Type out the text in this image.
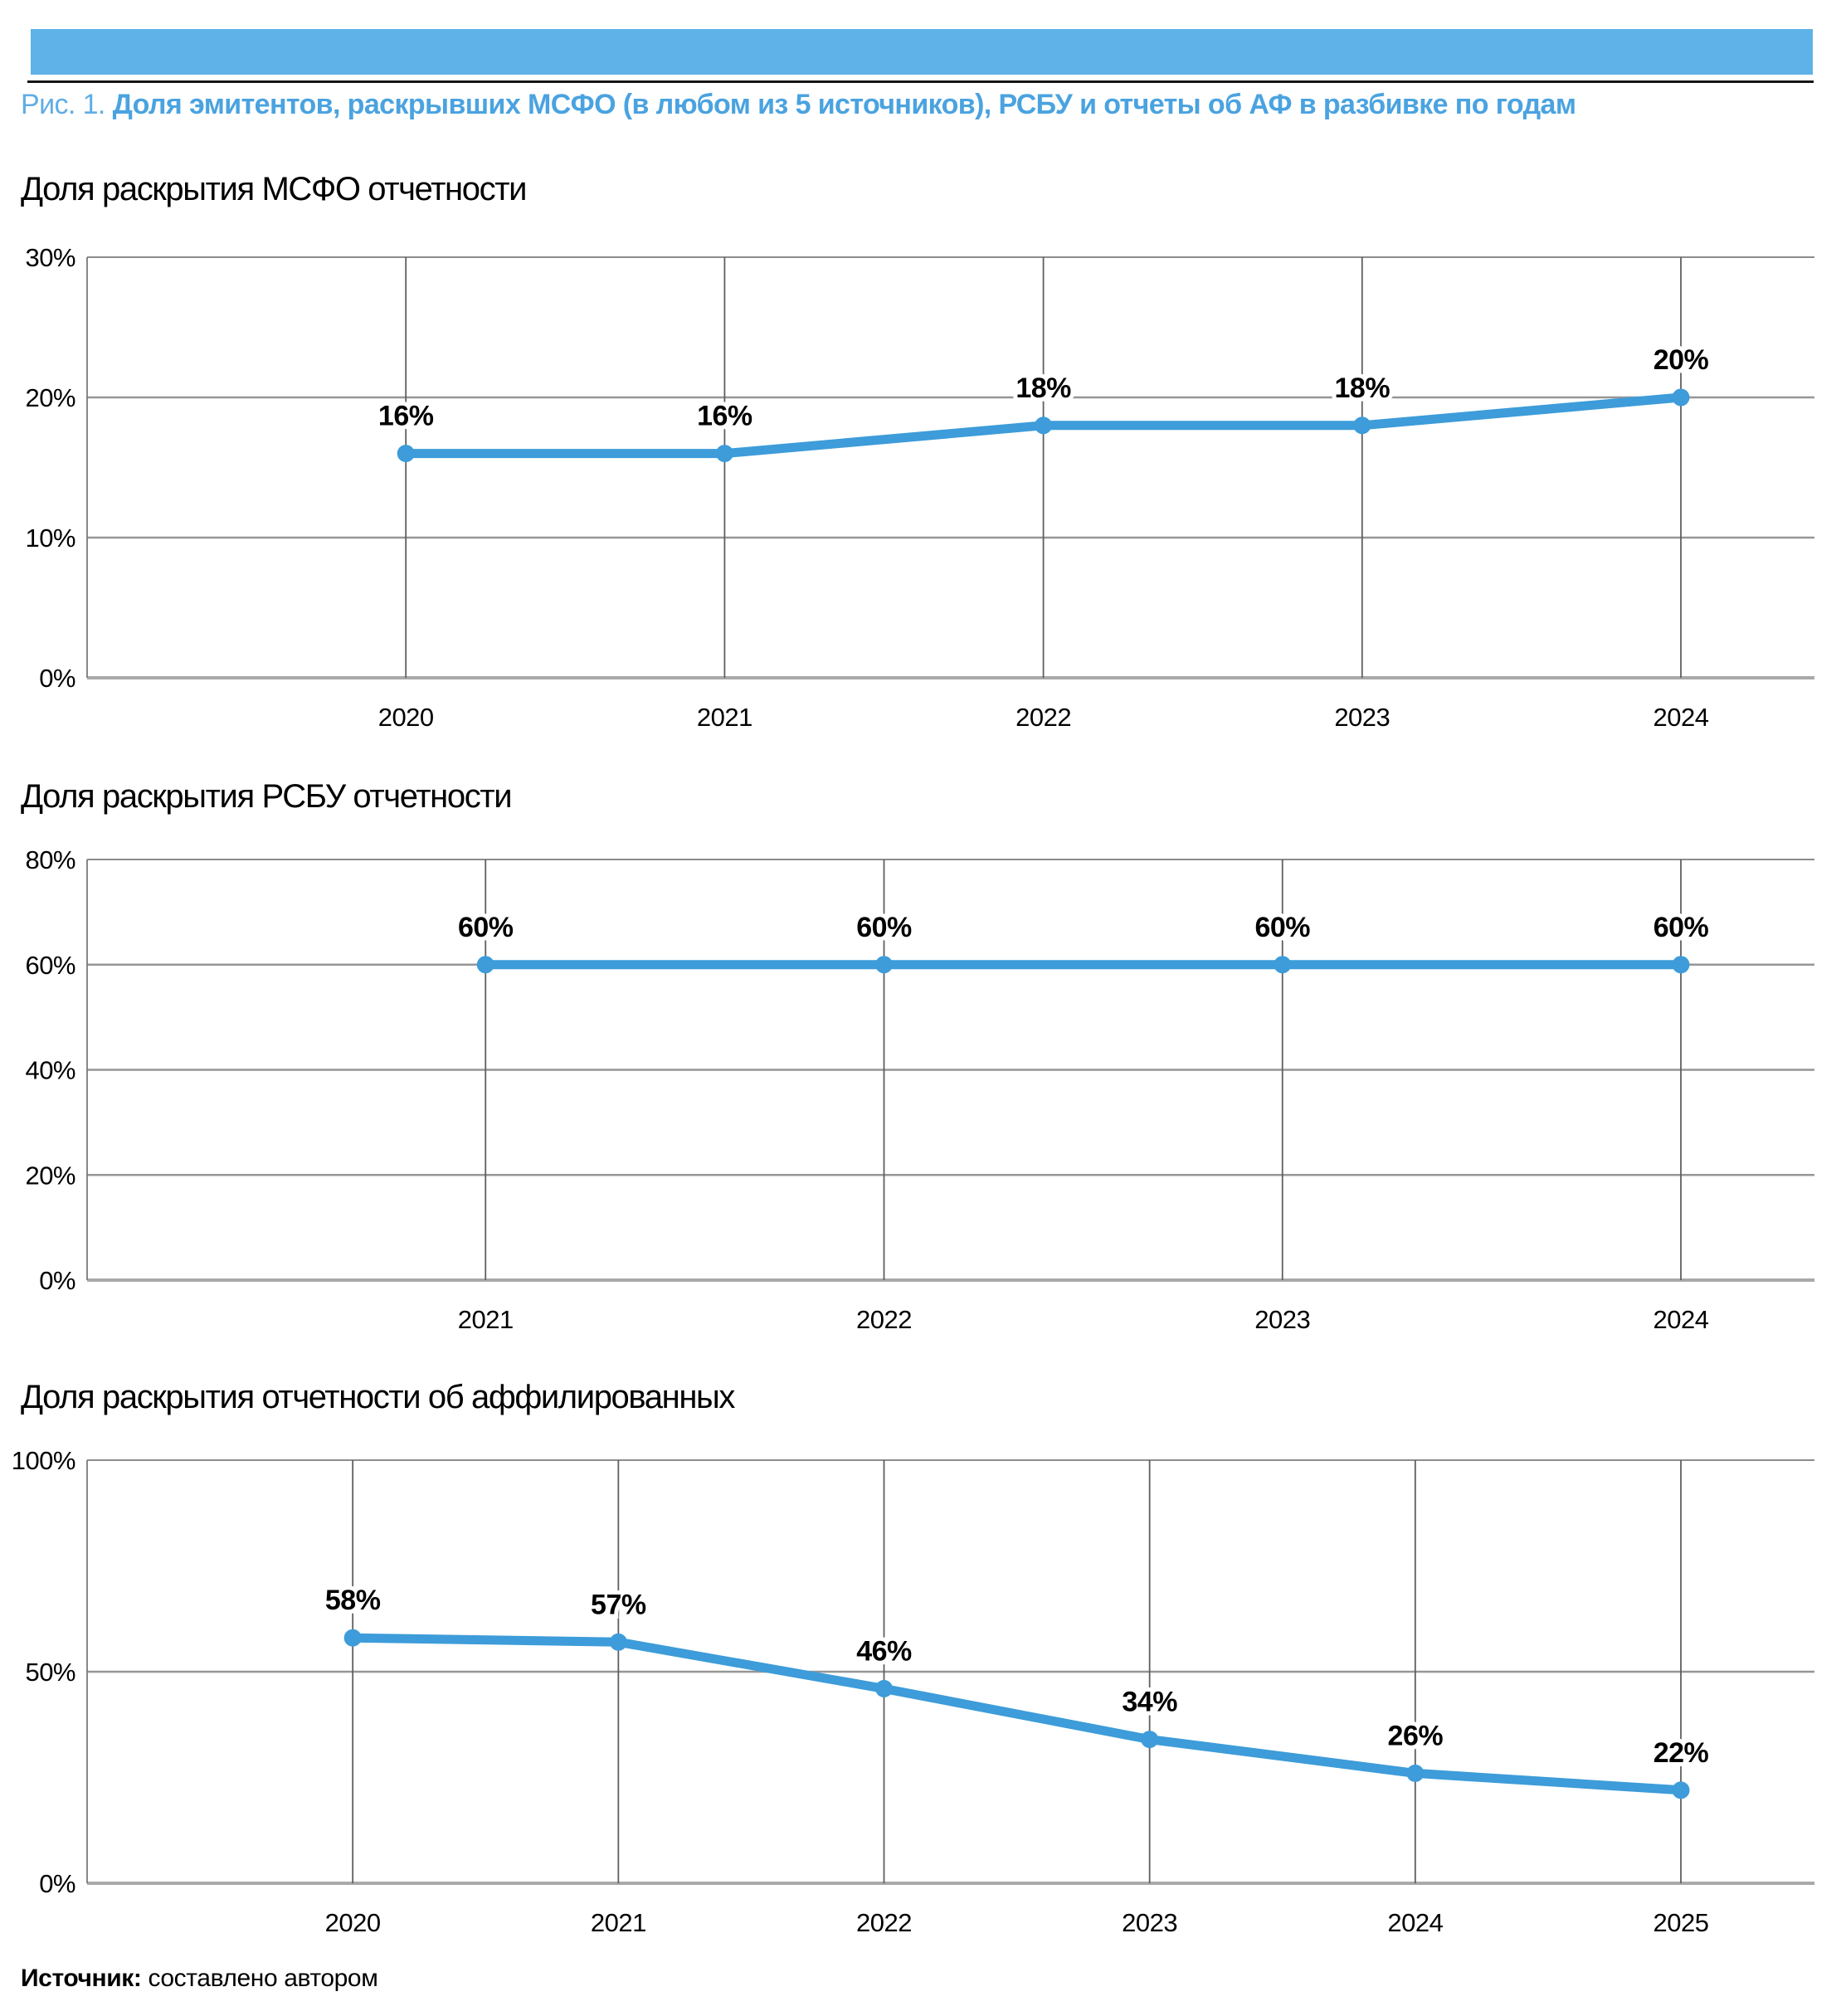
Рис. 1. Доля эмитентов, раскрывших МСФО (в любом из 5 источников), РСБУ и отчеты об АФ в разбивке по годам
Доля раскрытия МСФО отчетности
Доля раскрытия РСБУ отчетности
Доля раскрытия отчетности об аффилированных
16%	16%
18%	18%
20%
30%
20%
10%
0%
2020	2021	2022	2023	2024
60%	60%	60%	60%
80%
60%
40%
20%
0%
2021	2022	2023	2024
58%	57%
46%
34%
26%
22%
100%
50%
0%
2020	2021	2022	2023	2024	2025
Источник: составлено автором
